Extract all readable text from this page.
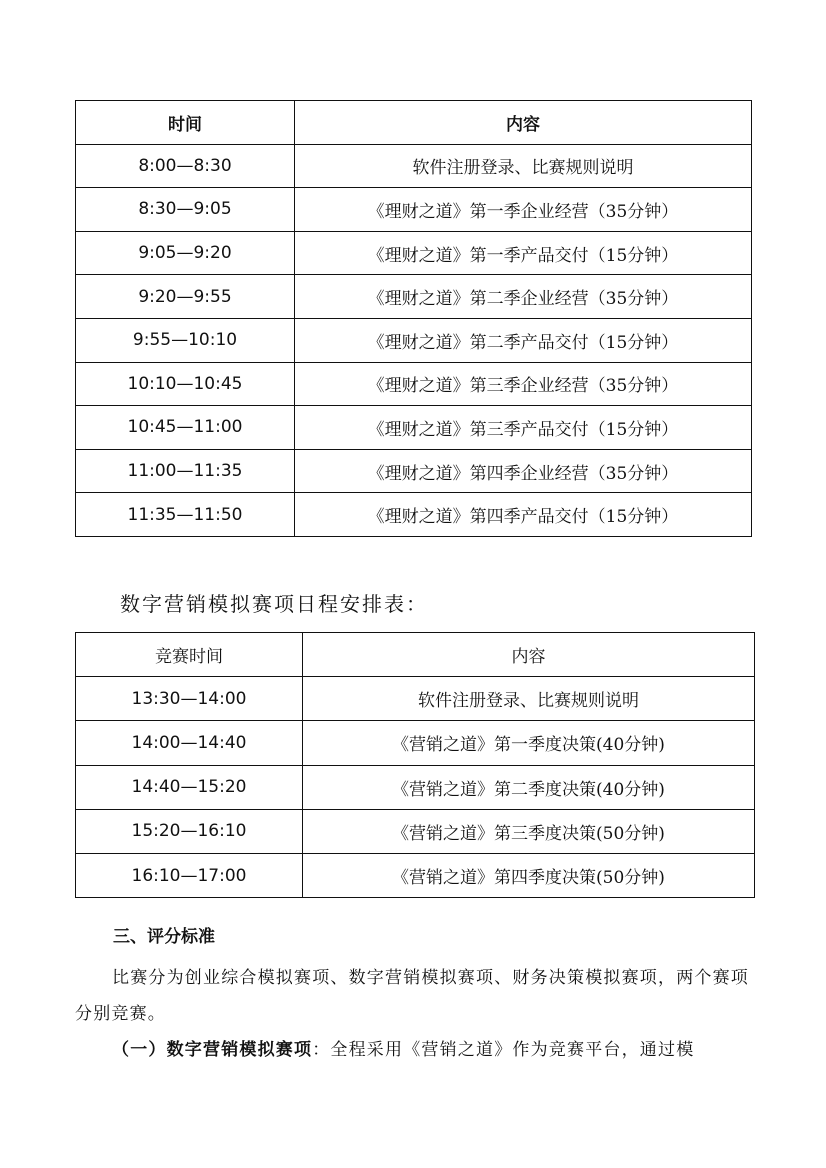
时间	内容
8:00—8:30	软件注册登录、比赛规则说明
8:30—9:05	《理财之道》第一季企业经营（35分钟）
9:05—9:20	《理财之道》第一季产品交付（15分钟）
9:20—9:55	《理财之道》第二季企业经营（35分钟）
9:55—10:10	《理财之道》第二季产品交付（15分钟）
10:10—10:45	《理财之道》第三季企业经营（35分钟）
10:45—11:00	《理财之道》第三季产品交付（15分钟）
11:00—11:35	《理财之道》第四季企业经营（35分钟）
11:35—11:50	《理财之道》第四季产品交付（15分钟）
数字营销模拟赛项日程安排表：
竞赛时间	内容
13:30—14:00	软件注册登录、比赛规则说明
14:00—14:40	《营销之道》第一季度决策(40分钟)
14:40—15:20	《营销之道》第二季度决策(40分钟)
15:20—16:10	《营销之道》第三季度决策(50分钟)
16:10—17:00	《营销之道》第四季度决策(50分钟)
三、评分标准

比赛分为创业综合模拟赛项、数字营销模拟赛项、财务决策模拟赛项，两个赛项分别竞赛。

（一）数字营销模拟赛项：全程采用《营销之道》作为竞赛平台，通过模
